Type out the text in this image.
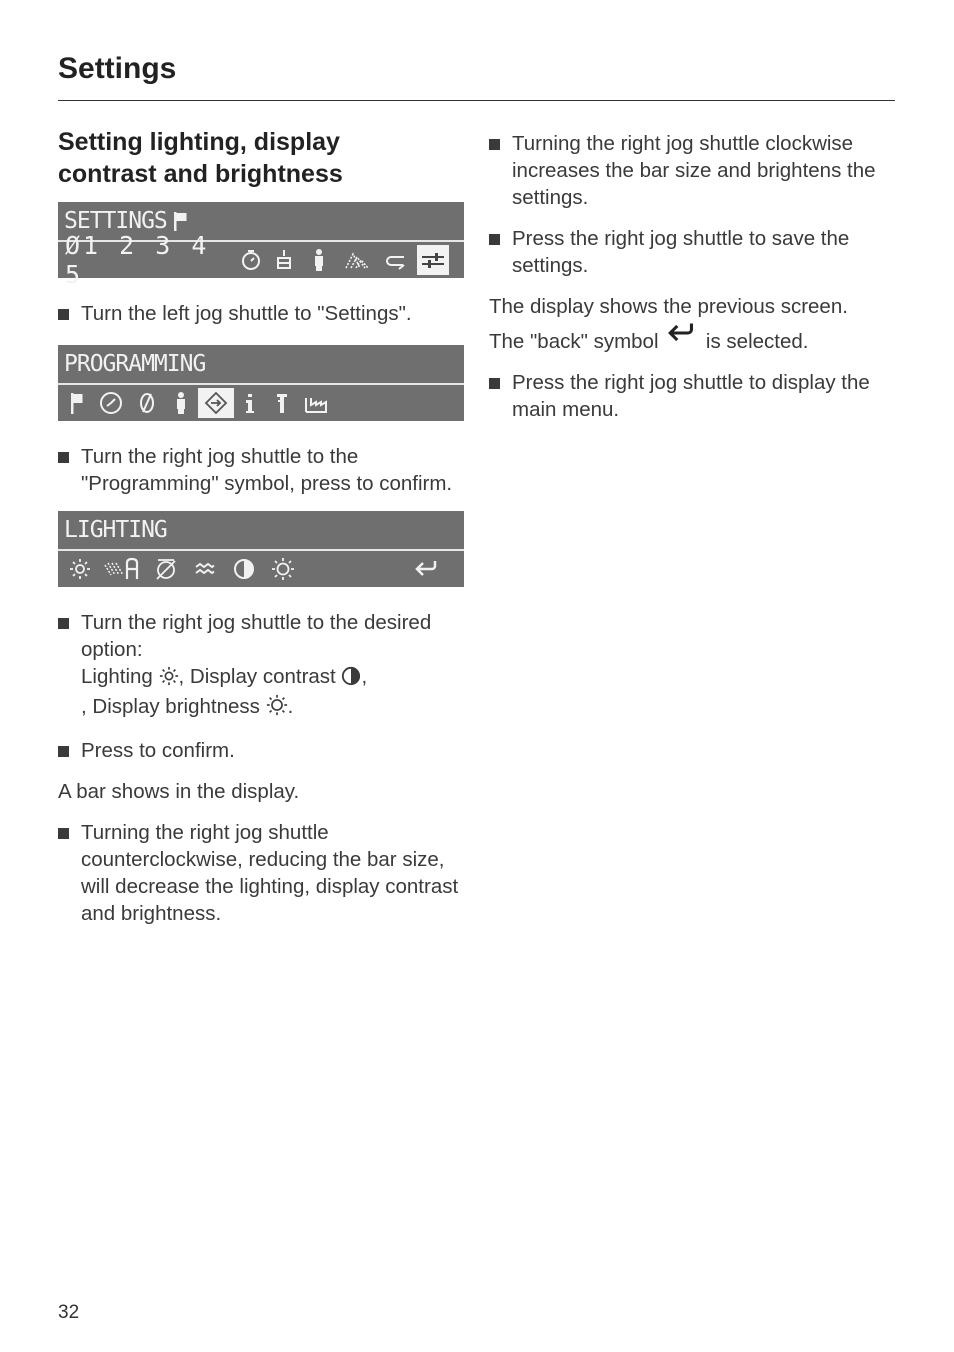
Settings
Setting lighting, display
contrast and brightness
SETTINGS
Ø1 2 3 4 5
Turn the left jog shuttle to "Settings".
PROGRAMMING
Turn the right jog shuttle to the "Programming" symbol, press to confirm.
LIGHTING
Turn the right jog shuttle to the desired option:
Lighting , Display contrast ,
, Display brightness .
Press to confirm.
A bar shows in the display.
Turning the right jog shuttle counterclockwise, reducing the bar size, will decrease the lighting, display contrast and brightness.
Turning the right jog shuttle clockwise increases the bar size and brightens the settings.
Press the right jog shuttle to save the settings.
The display shows the previous screen.
The "back" symbol is selected.
Press the right jog shuttle to display the main menu.
32
